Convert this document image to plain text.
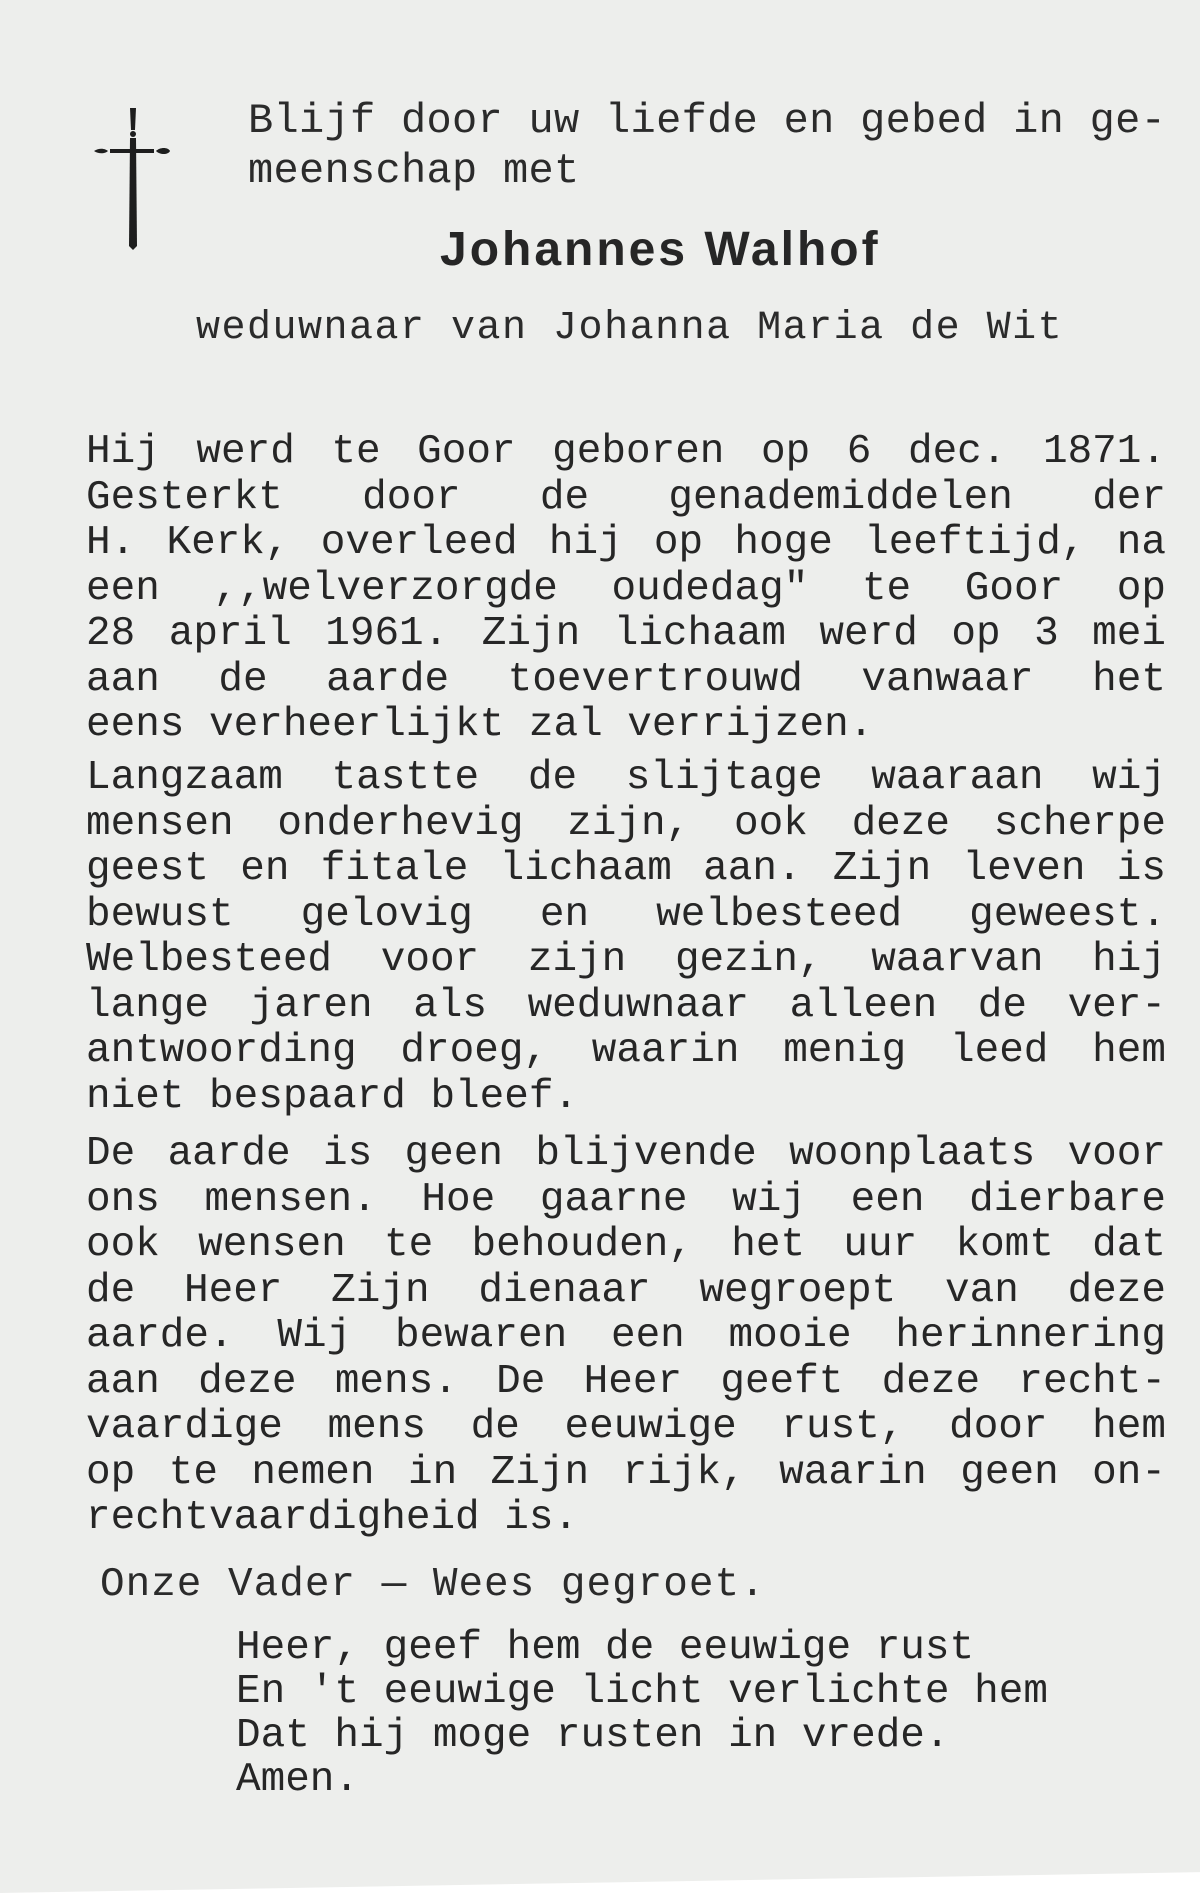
Blijf door uw liefde en gebed in ge-
meenschap met
Johannes Walhof
weduwnaar van Johanna Maria de Wit
Hij werd te Goor geboren op 6 dec. 1871.
Gesterkt door de genademiddelen der
H. Kerk, overleed hij op hoge leeftijd, na
een ,,welverzorgde oudedag" te Goor op
28 april 1961. Zijn lichaam werd op 3 mei
aan de aarde toevertrouwd vanwaar het
eens verheerlijkt zal verrijzen.
Langzaam tastte de slijtage waaraan wij
mensen onderhevig zijn, ook deze scherpe
geest en fitale lichaam aan. Zijn leven is
bewust gelovig en welbesteed geweest.
Welbesteed voor zijn gezin, waarvan hij
lange jaren als weduwnaar alleen de ver-
antwoording droeg, waarin menig leed hem
niet bespaard bleef.
De aarde is geen blijvende woonplaats voor
ons mensen. Hoe gaarne wij een dierbare
ook wensen te behouden, het uur komt dat
de Heer Zijn dienaar wegroept van deze
aarde. Wij bewaren een mooie herinnering
aan deze mens. De Heer geeft deze recht-
vaardige mens de eeuwige rust, door hem
op te nemen in Zijn rijk, waarin geen on-
rechtvaardigheid is.
Onze Vader — Wees gegroet.
Heer, geef hem de eeuwige rust
En 't eeuwige licht verlichte hem
Dat hij moge rusten in vrede.
Amen.
